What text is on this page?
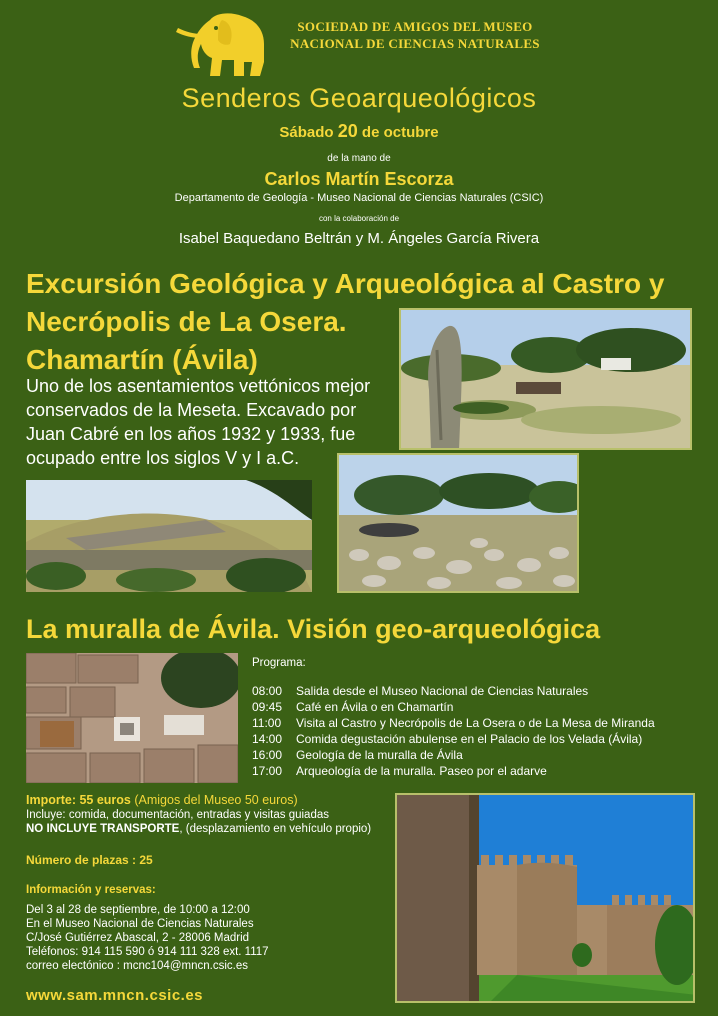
SOCIEDAD DE AMIGOS DEL MUSEO
NACIONAL DE CIENCIAS NATURALES
Senderos Geoarqueológicos
Sábado 20 de octubre
de la mano de
Carlos Martín Escorza
Departamento de Geología - Museo Nacional de Ciencias Naturales (CSIC)
con la colaboración de
Isabel Baquedano Beltrán y M. Ángeles García Rivera
Excursión Geológica y Arqueológica al Castro y
Necrópolis de La Osera.
Chamartín (Ávila)
Uno de los asentamientos vettónicos mejor
conservados de la Meseta. Excavado por
Juan Cabré en los años 1932 y 1933, fue
ocupado entre los siglos V y I a.C.
La muralla de Ávila. Visión geo-arqueológica
Programa:
08:00 Salida desde el Museo Nacional de Ciencias Naturales
09:45 Café en Ávila o en Chamartín
11:00 Visita al Castro y Necrópolis de La Osera o de La Mesa de Miranda
14:00 Comida degustación abulense en el Palacio de los Velada (Ávila)
16:00 Geología de la muralla de Ávila
17:00 Arqueología de la muralla. Paseo por el adarve
Importe: 55 euros (Amigos del Museo 50 euros)
Incluye: comida, documentación, entradas y visitas guiadas
NO INCLUYE TRANSPORTE, (desplazamiento en vehículo propio)
Número de plazas : 25
Información y reservas:
Del 3 al 28 de septiembre, de 10:00 a 12:00
En el Museo Nacional de Ciencias Naturales
C/José Gutiérrez Abascal, 2 - 28006 Madrid
Teléfonos: 914 115 590 ó 914 111 328 ext. 1117
correo electónico : mcnc104@mncn.csic.es
www.sam.mncn.csic.es
